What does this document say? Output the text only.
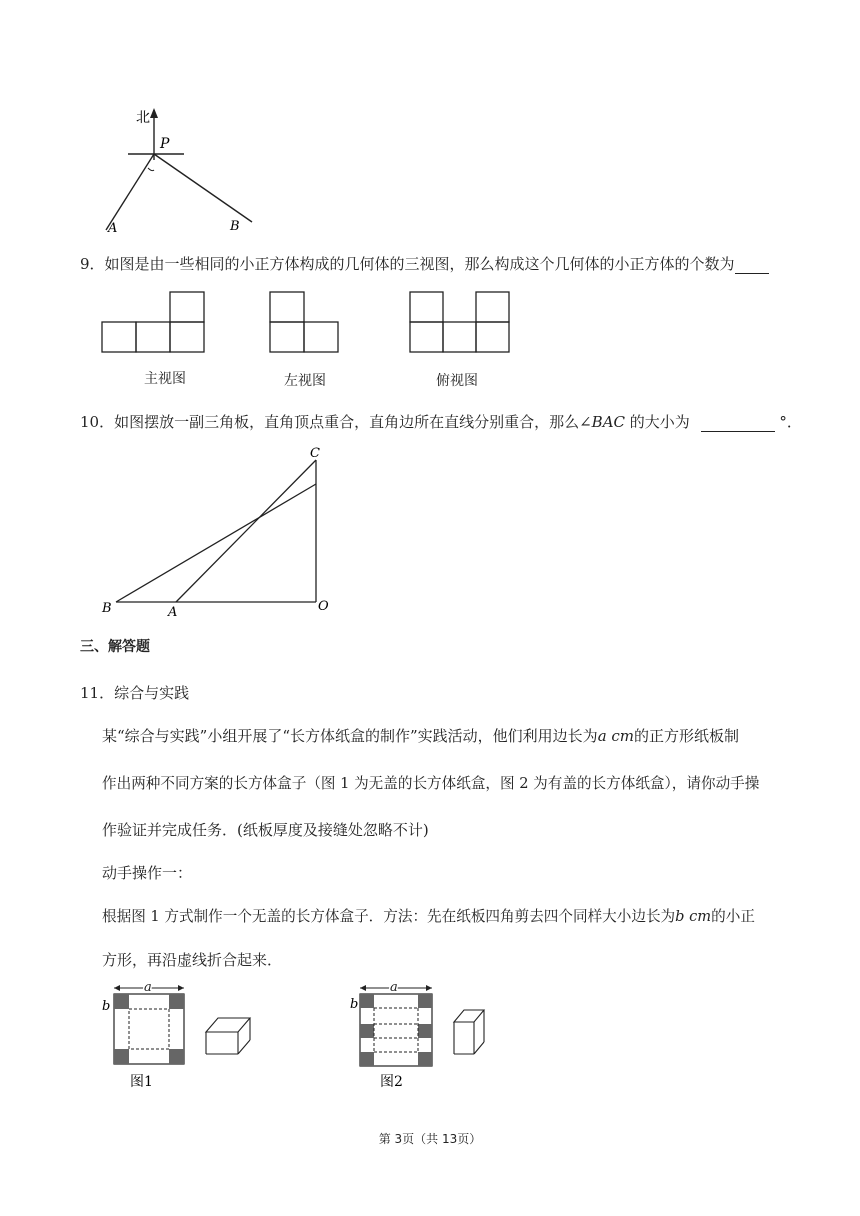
北
P
A	B
9．如图是由一些相同的小正方体构成的几何体的三视图，那么构成这个几何体的小正方体的个数为
主视图	左视图	俯视图
10．如图摆放一副三角板，直角顶点重合，直角边所在直线分别重合，那么∠BAC 的大小为	°．
C
B	A	O
三、解答题
11．综合与实践
某“综合与实践”小组开展了“长方体纸盒的制作”实践活动，他们利用边长为a cm的正方形纸板制
作出两种不同方案的长方体盒子（图 1 为无盖的长方体纸盒，图 2 为有盖的长方体纸盒），请你动手操
作验证并完成任务．(纸板厚度及接缝处忽略不计)
动手操作一：
根据图 1 方式制作一个无盖的长方体盒子．方法：先在纸板四角剪去四个同样大小边长为b cm的小正
方形，再沿虚线折合起来．
a
b
图1
a
b
图2
第 3页（共 13页）
